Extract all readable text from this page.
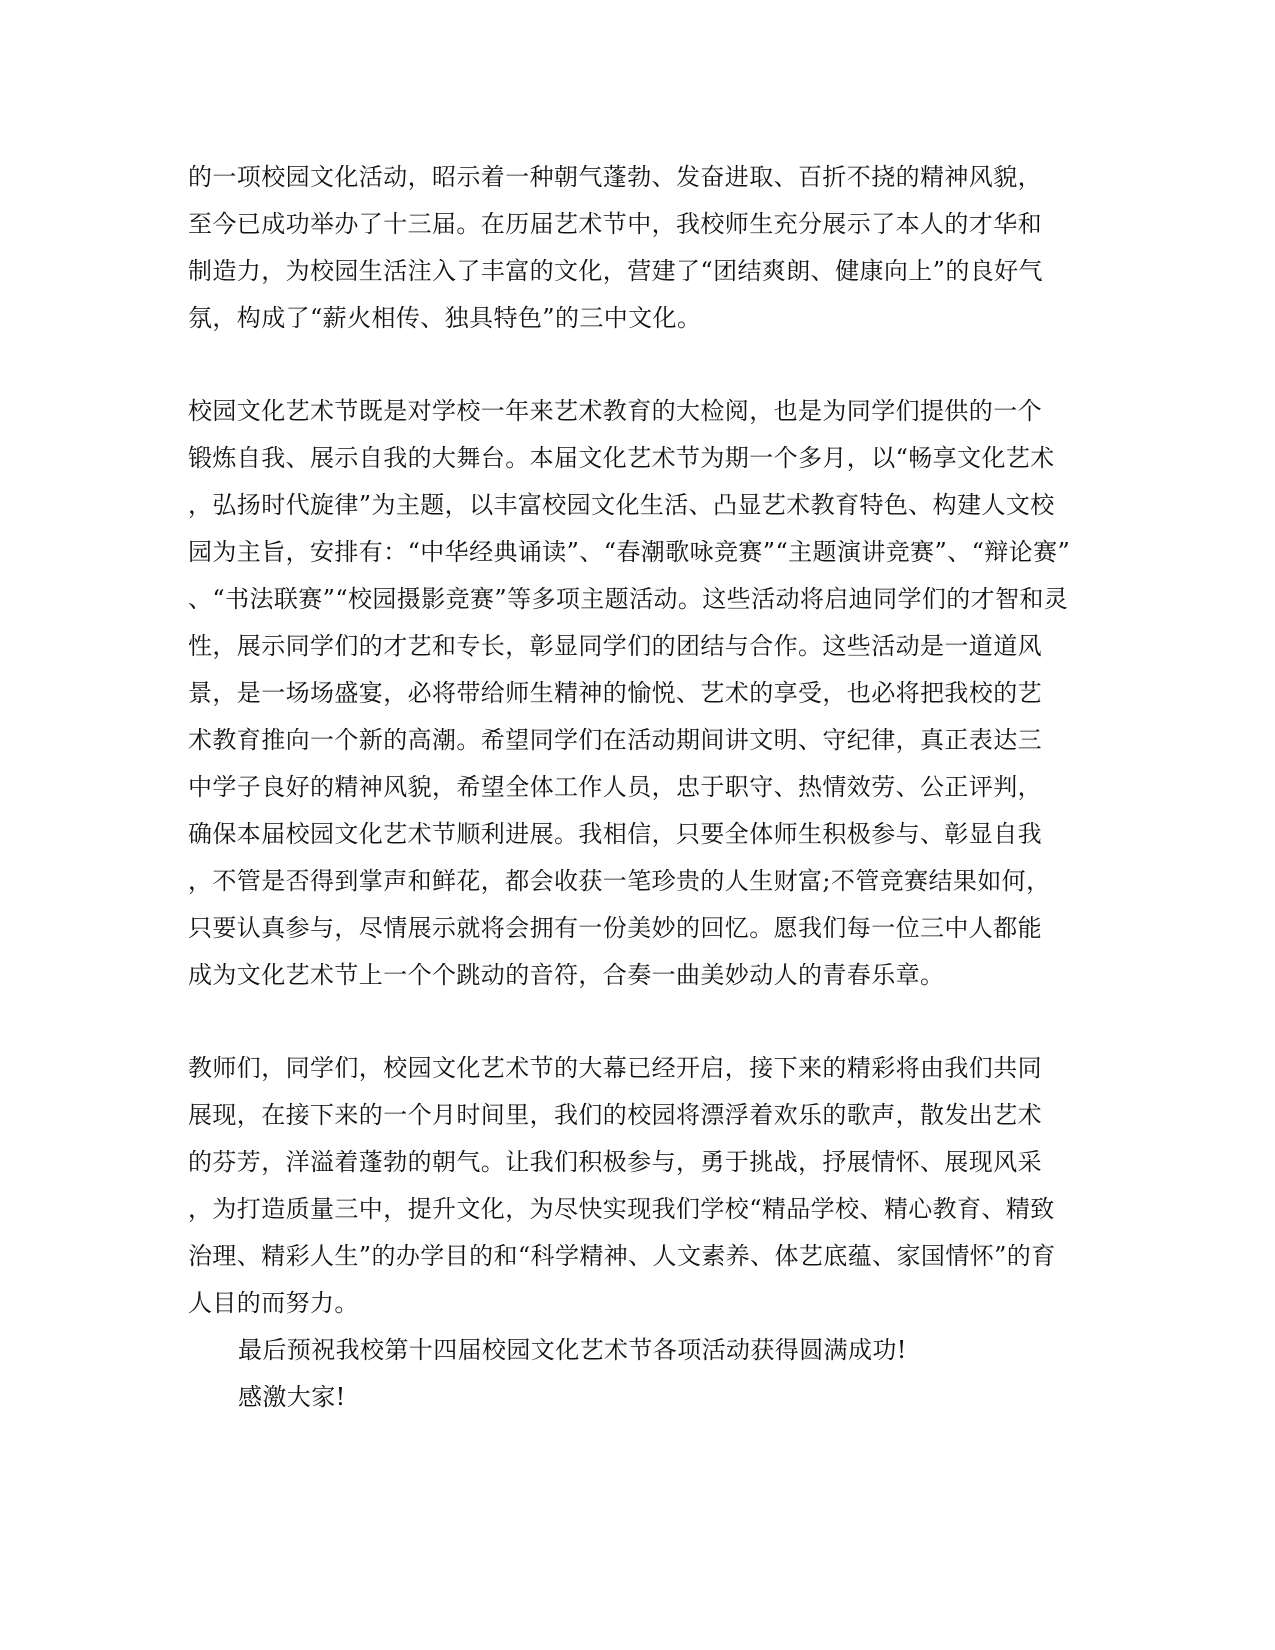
的一项校园文化活动，昭示着一种朝气蓬勃、发奋进取、百折不挠的精神风貌，
至今已成功举办了十三届。在历届艺术节中，我校师生充分展示了本人的才华和
制造力，为校园生活注入了丰富的文化，营建了“团结爽朗、健康向上”的良好气
氛，构成了“薪火相传、独具特色”的三中文化。
校园文化艺术节既是对学校一年来艺术教育的大检阅，也是为同学们提供的一个
锻炼自我、展示自我的大舞台。本届文化艺术节为期一个多月，以“畅享文化艺术
，弘扬时代旋律”为主题，以丰富校园文化生活、凸显艺术教育特色、构建人文校
园为主旨，安排有：“中华经典诵读”、“春潮歌咏竞赛”“主题演讲竞赛”、“辩论赛”
、“书法联赛”“校园摄影竞赛”等多项主题活动。这些活动将启迪同学们的才智和灵
性，展示同学们的才艺和专长，彰显同学们的团结与合作。这些活动是一道道风
景，是一场场盛宴，必将带给师生精神的愉悦、艺术的享受，也必将把我校的艺
术教育推向一个新的高潮。希望同学们在活动期间讲文明、守纪律，真正表达三
中学子良好的精神风貌，希望全体工作人员，忠于职守、热情效劳、公正评判，
确保本届校园文化艺术节顺利进展。我相信，只要全体师生积极参与、彰显自我
，不管是否得到掌声和鲜花，都会收获一笔珍贵的人生财富;不管竞赛结果如何，
只要认真参与，尽情展示就将会拥有一份美妙的回忆。愿我们每一位三中人都能
成为文化艺术节上一个个跳动的音符，合奏一曲美妙动人的青春乐章。
教师们，同学们，校园文化艺术节的大幕已经开启，接下来的精彩将由我们共同
展现，在接下来的一个月时间里，我们的校园将漂浮着欢乐的歌声，散发出艺术
的芬芳，洋溢着蓬勃的朝气。让我们积极参与，勇于挑战，抒展情怀、展现风采
，为打造质量三中，提升文化，为尽快实现我们学校“精品学校、精心教育、精致
治理、精彩人生”的办学目的和“科学精神、人文素养、体艺底蕴、家国情怀”的育
人目的而努力。
最后预祝我校第十四届校园文化艺术节各项活动获得圆满成功!
感激大家!
